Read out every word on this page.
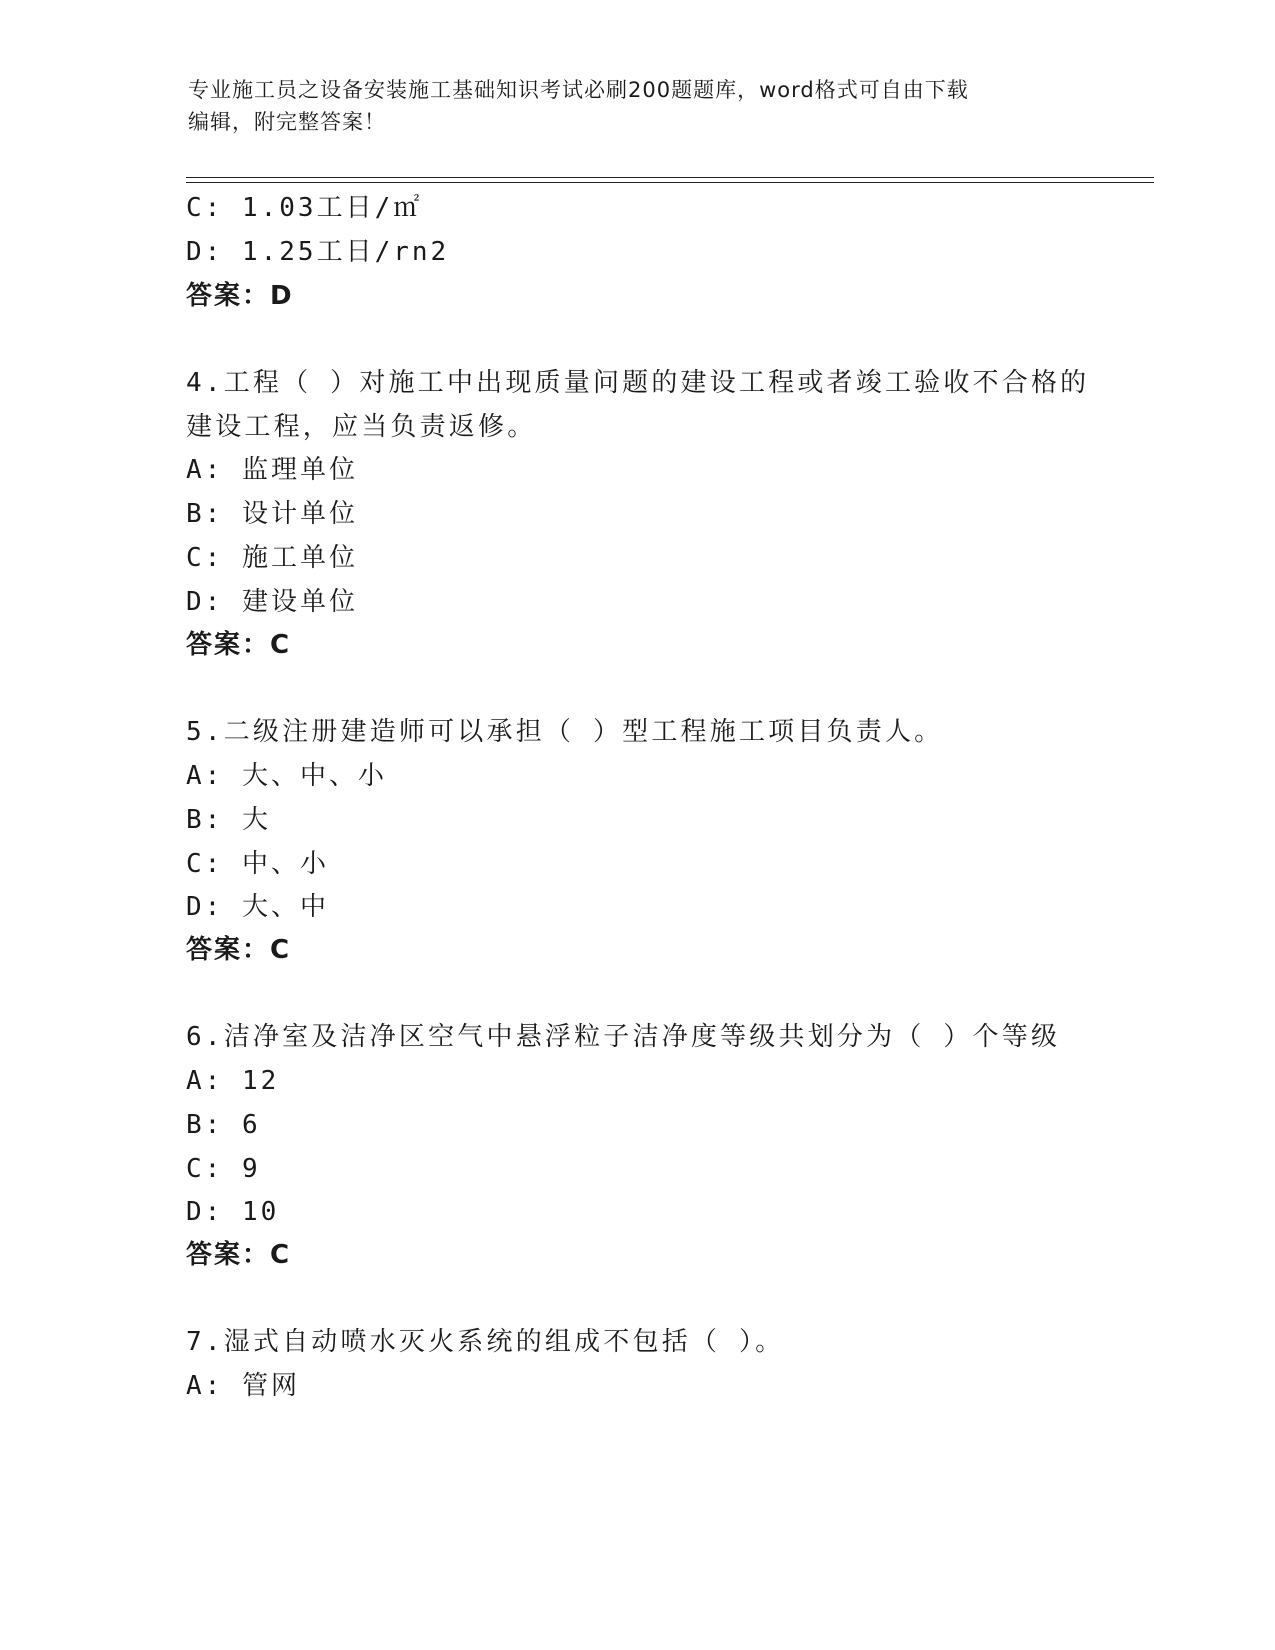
专业施工员之设备安装施工基础知识考试必刷200题题库，word格式可自由下载
编辑，附完整答案！
C: 1.03工日/㎡
D: 1.25工日/rn2
答案：D
4.工程（ ）对施工中出现质量问题的建设工程或者竣工验收不合格的
建设工程，应当负责返修。
A: 监理单位
B: 设计单位
C: 施工单位
D: 建设单位
答案：C
5.二级注册建造师可以承担（ ）型工程施工项目负责人。
A: 大、中、小
B: 大
C: 中、小
D: 大、中
答案：C
6.洁净室及洁净区空气中悬浮粒子洁净度等级共划分为（ ）个等级
A: 12
B: 6
C: 9
D: 10
答案：C
7.湿式自动喷水灭火系统的组成不包括（ ）。
A: 管网
